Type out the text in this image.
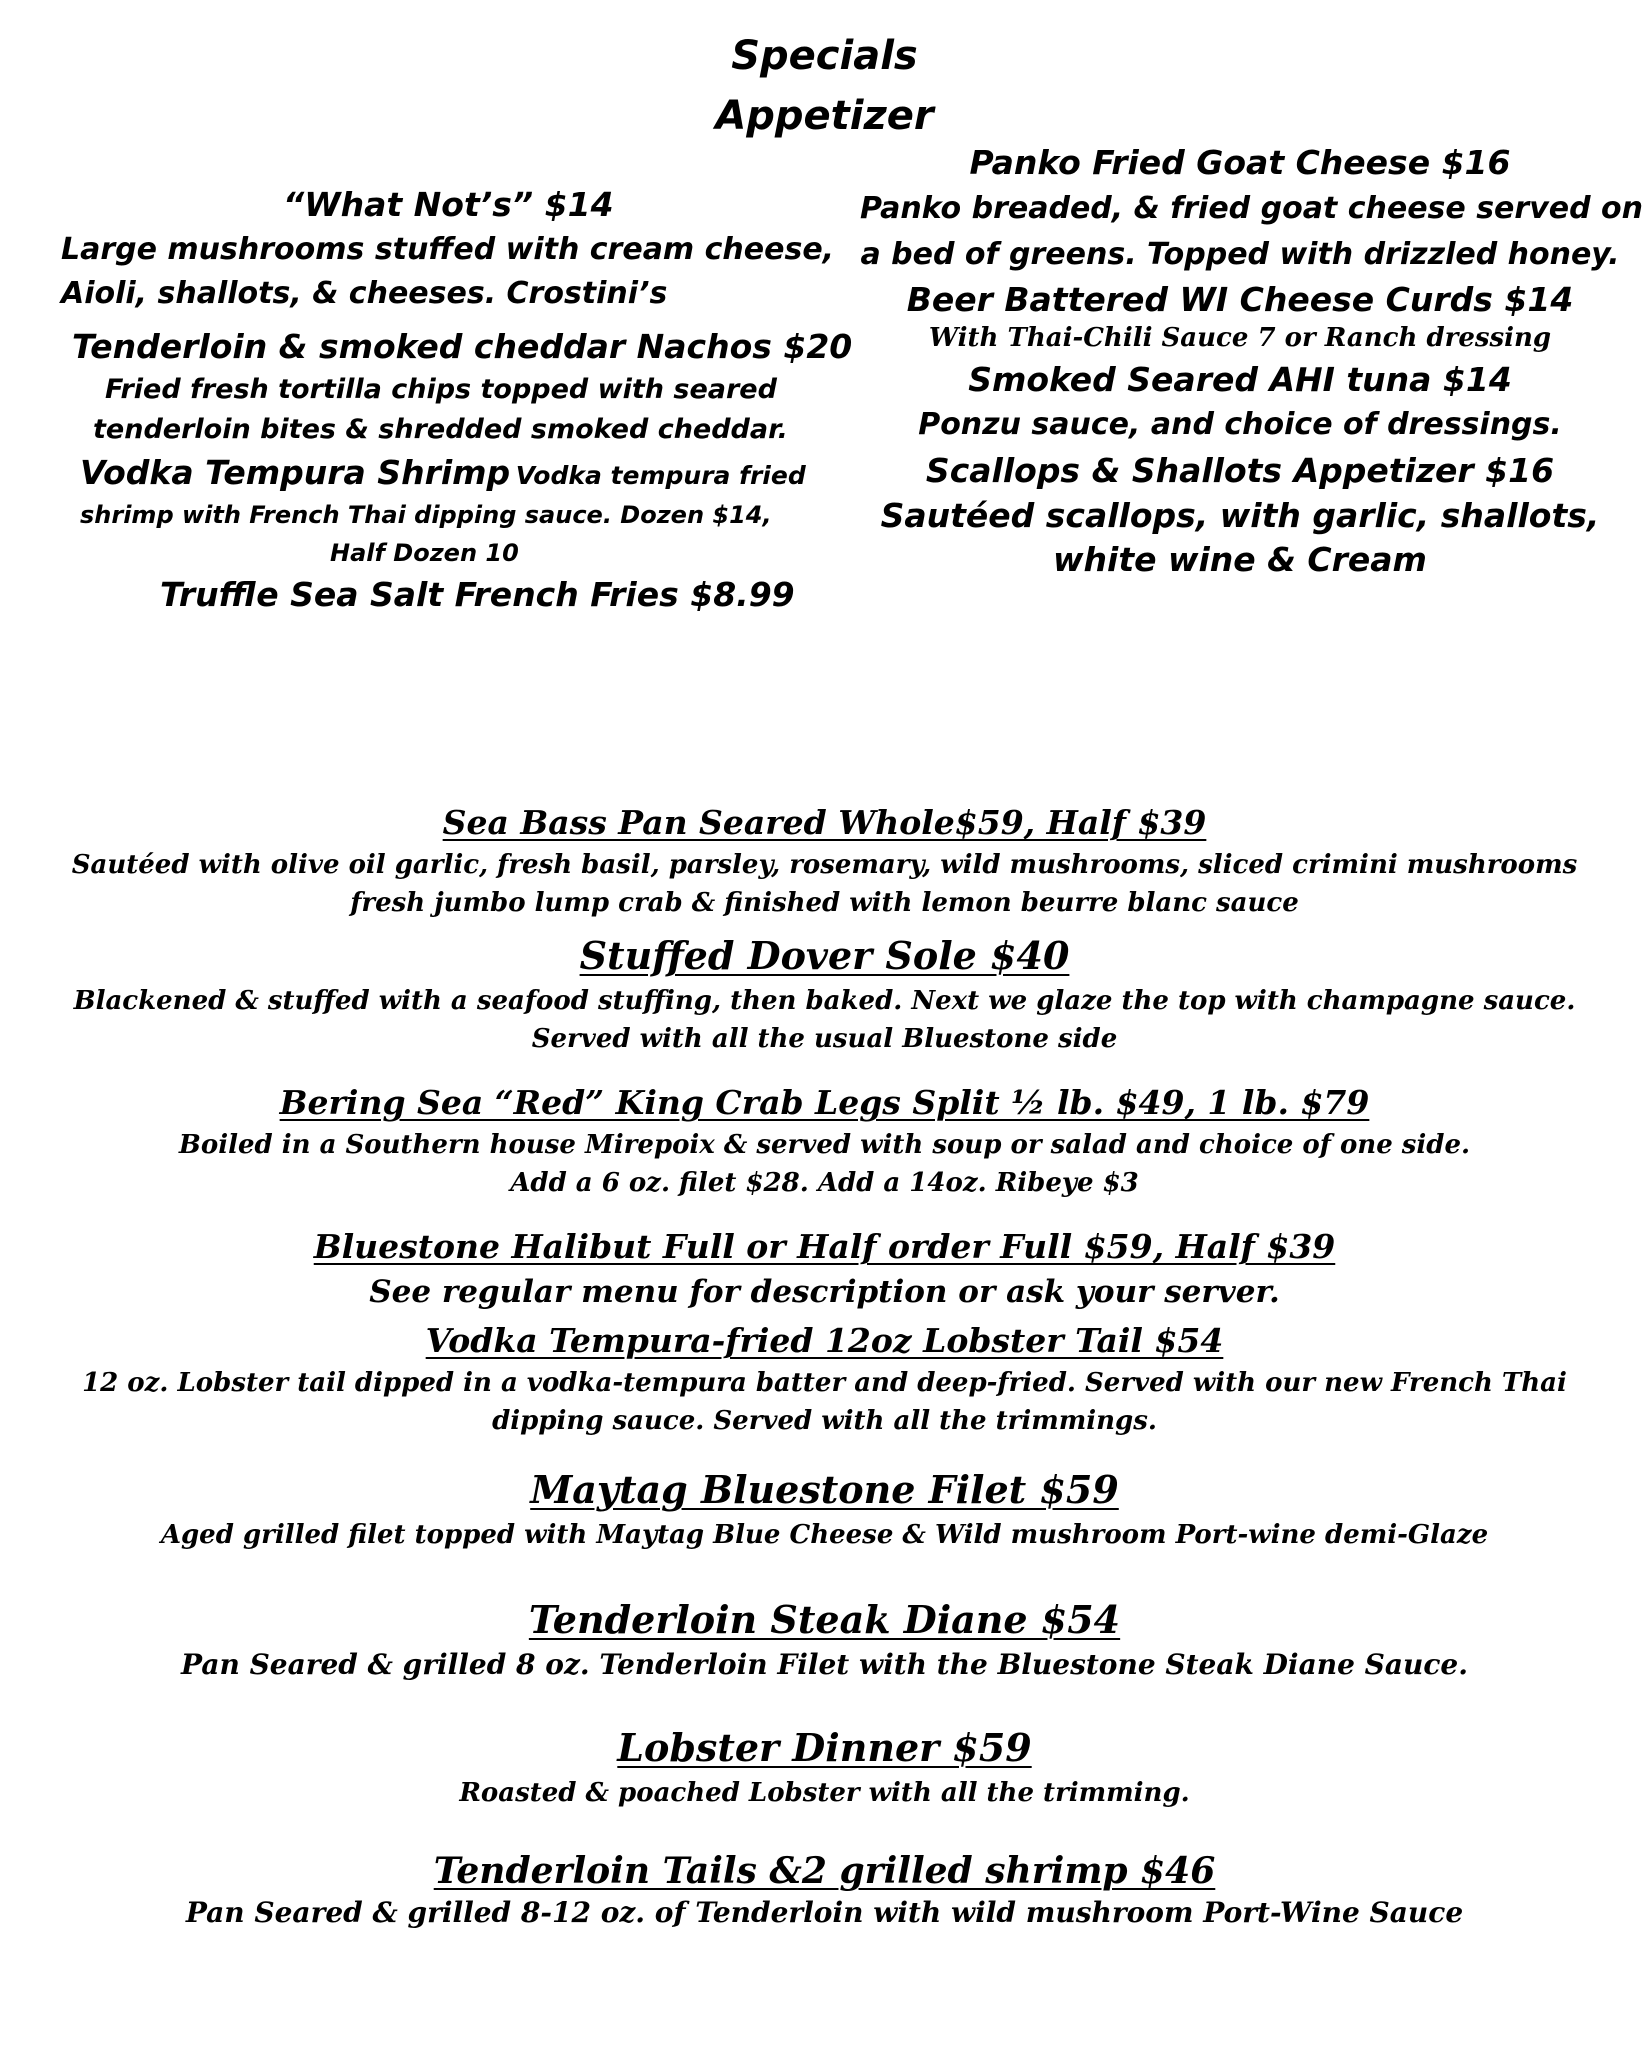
Specials
Appetizer
“What Not’s” $14
Large mushrooms stuffed with cream cheese,
Aioli, shallots, & cheeses. Crostini’s
Tenderloin & smoked cheddar Nachos $20
Fried fresh tortilla chips topped with seared
tenderloin bites & shredded smoked cheddar.
Vodka Tempura Shrimp Vodka tempura fried
shrimp with French Thai dipping sauce. Dozen $14,
Half Dozen 10
Truffle Sea Salt French Fries $8.99
Panko Fried Goat Cheese $16
Panko breaded, & fried goat cheese served on
a bed of greens. Topped with drizzled honey.
Beer Battered WI Cheese Curds $14
With Thai-Chili Sauce 7 or Ranch dressing
Smoked Seared AHI tuna $14
Ponzu sauce, and choice of dressings.
Scallops & Shallots Appetizer $16
Sautéed scallops, with garlic, shallots,
white wine & Cream
Sea Bass Pan Seared Whole$59, Half $39
Sautéed with olive oil garlic, fresh basil, parsley, rosemary, wild mushrooms, sliced crimini mushrooms
fresh jumbo lump crab & finished with lemon beurre blanc sauce
Stuffed Dover Sole $40
Blackened & stuffed with a seafood stuffing, then baked. Next we glaze the top with champagne sauce.
Served with all the usual Bluestone side
Bering Sea “Red” King Crab Legs Split ½ lb. $49, 1 lb. $79
Boiled in a Southern house Mirepoix & served with soup or salad and choice of one side.
Add a 6 oz. filet $28. Add a 14oz. Ribeye $3
Bluestone Halibut Full or Half order Full $59, Half $39
See regular menu for description or ask your server.
Vodka Tempura-fried 12oz Lobster Tail $54
12 oz. Lobster tail dipped in a vodka-tempura batter and deep-fried. Served with our new French Thai
dipping sauce. Served with all the trimmings.
Maytag Bluestone Filet $59
Aged grilled filet topped with Maytag Blue Cheese & Wild mushroom Port-wine demi-Glaze
Tenderloin Steak Diane $54
Pan Seared & grilled 8 oz. Tenderloin Filet with the Bluestone Steak Diane Sauce.
Lobster Dinner $59
Roasted & poached Lobster with all the trimming.
Tenderloin Tails &2 grilled shrimp $46
Pan Seared & grilled 8-12 oz. of Tenderloin with wild mushroom Port-Wine Sauce
